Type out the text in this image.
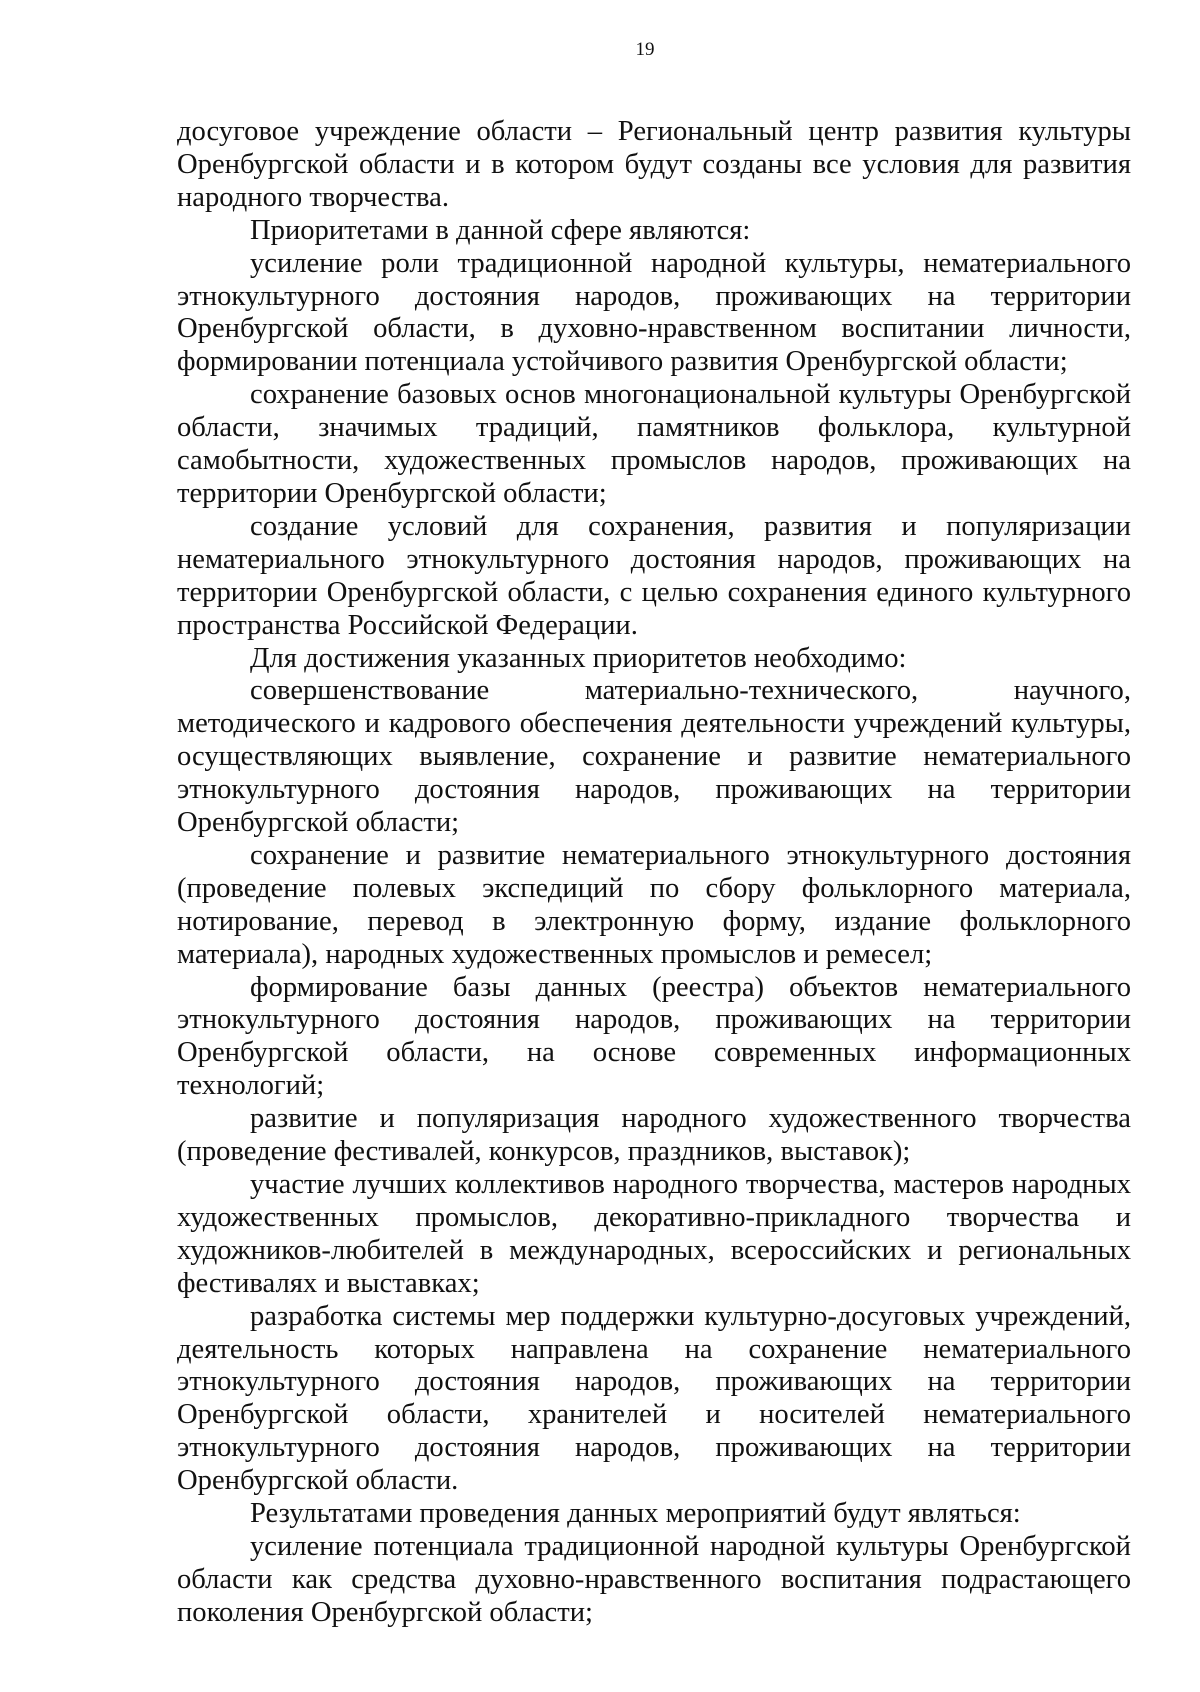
19

досуговое учреждение области – Региональный центр развития культуры Оренбургской области и в котором будут созданы все условия для развития народного творчества.

Приоритетами в данной сфере являются:

усиление роли традиционной народной культуры, нематериального этнокультурного достояния народов, проживающих на территории Оренбургской области, в духовно-нравственном воспитании личности, формировании потенциала устойчивого развития Оренбургской области;

сохранение базовых основ многонациональной культуры Оренбургской области, значимых традиций, памятников фольклора, культурной самобытности, художественных промыслов народов, проживающих на территории Оренбургской области;

создание условий для сохранения, развития и популяризации нематериального этнокультурного достояния народов, проживающих на территории Оренбургской области, с целью сохранения единого культурного пространства Российской Федерации.

Для достижения указанных приоритетов необходимо:

совершенствование материально-технического, научного, методического и кадрового обеспечения деятельности учреждений культуры, осуществляющих выявление, сохранение и развитие нематериального этнокультурного достояния народов, проживающих на территории Оренбургской области;

сохранение и развитие нематериального этнокультурного достояния (проведение полевых экспедиций по сбору фольклорного материала, нотирование, перевод в электронную форму, издание фольклорного материала), народных художественных промыслов и ремесел;

формирование базы данных (реестра) объектов нематериального этнокультурного достояния народов, проживающих на территории Оренбургской области, на основе современных информационных технологий;

развитие и популяризация народного художественного творчества (проведение фестивалей, конкурсов, праздников, выставок);

участие лучших коллективов народного творчества, мастеров народных художественных промыслов, декоративно-прикладного творчества и художников-любителей в международных, всероссийских и региональных фестивалях и выставках;

разработка системы мер поддержки культурно-досуговых учреждений, деятельность которых направлена на сохранение нематериального этнокультурного достояния народов, проживающих на территории Оренбургской области, хранителей и носителей нематериального этнокультурного достояния народов, проживающих на территории Оренбургской области.

Результатами проведения данных мероприятий будут являться:

усиление потенциала традиционной народной культуры Оренбургской области как средства духовно-нравственного воспитания подрастающего поколения Оренбургской области;
